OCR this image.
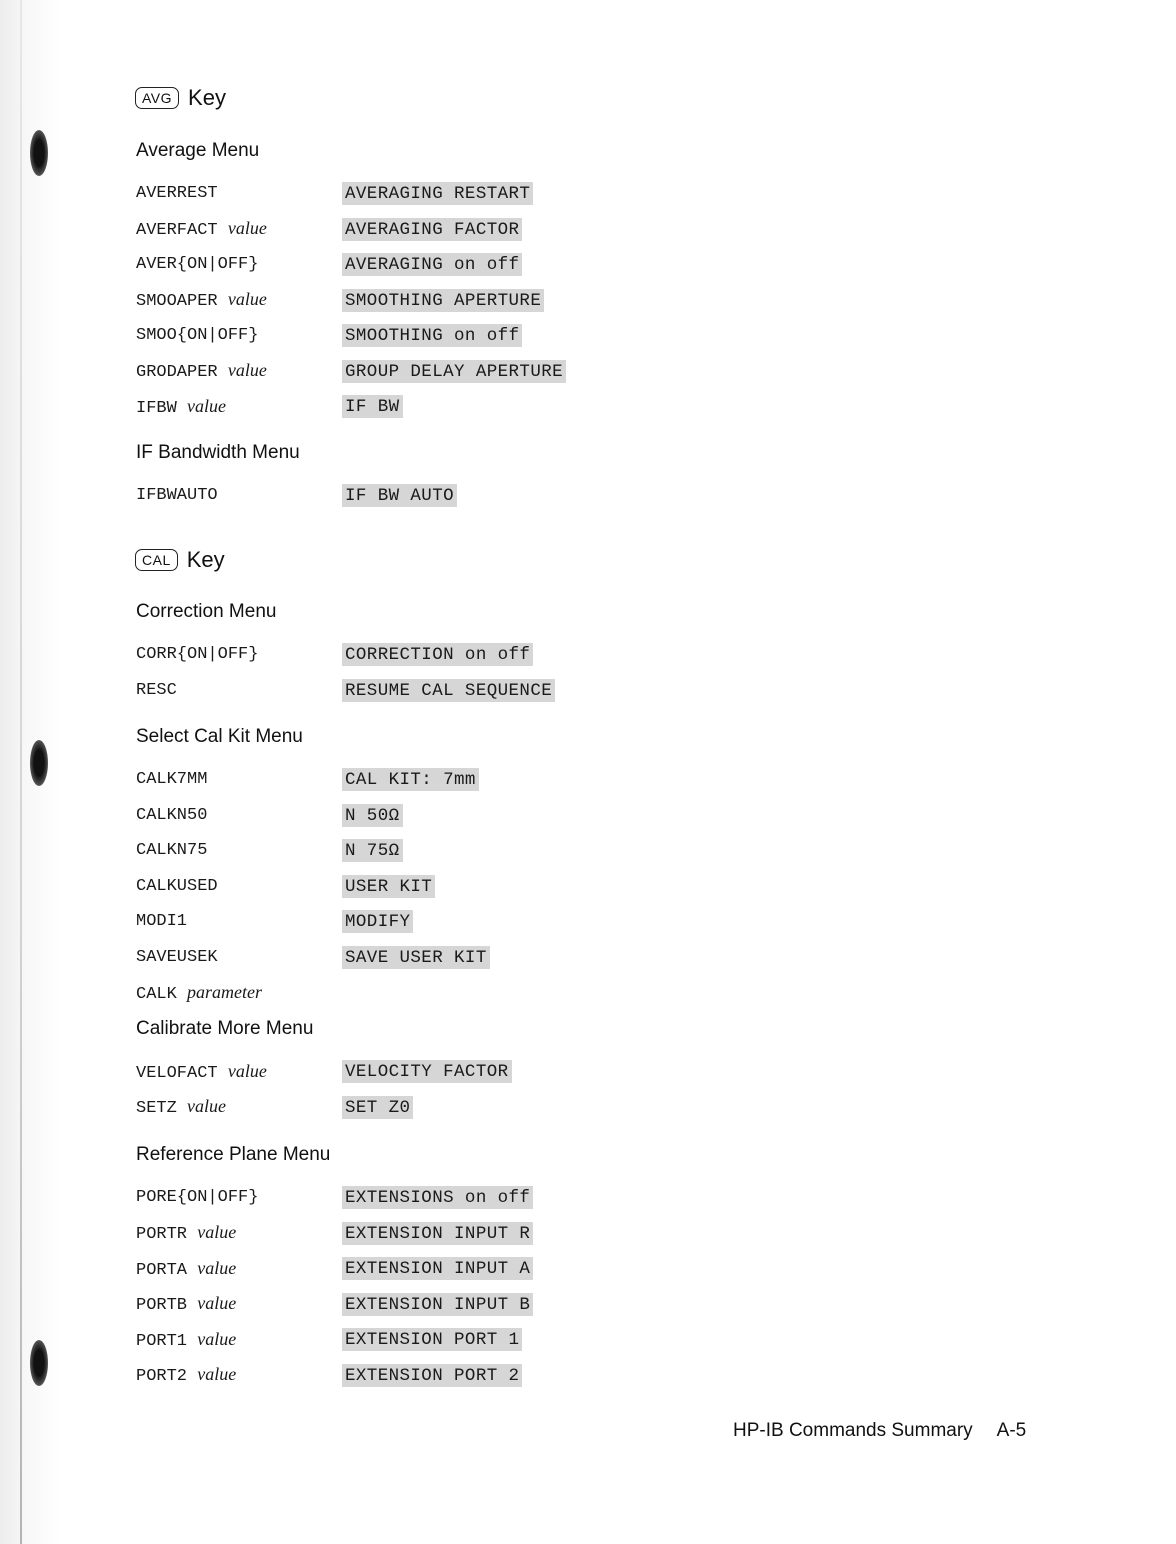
AVG Key
Average Menu
AVERREST	AVERAGING RESTART
AVERFACT value	AVERAGING FACTOR
AVER{ON|OFF}	AVERAGING on off
SMOOAPER value	SMOOTHING APERTURE
SMOO{ON|OFF}	SMOOTHING on off
GRODAPER value	GROUP DELAY APERTURE
IFBW value	IF BW
IF Bandwidth Menu
IFBWAUTO	IF BW AUTO
CAL Key
Correction Menu
CORR{ON|OFF}	CORRECTION on off
RESC	RESUME CAL SEQUENCE
Select Cal Kit Menu
CALK7MM	CAL KIT: 7mm
CALKN50	N 50Ω
CALKN75	N 75Ω
CALKUSED	USER KIT
MODI1	MODIFY
SAVEUSEK	SAVE USER KIT
CALK parameter
Calibrate More Menu
VELOFACT value	VELOCITY FACTOR
SETZ value	SET Z0
Reference Plane Menu
PORE{ON|OFF}	EXTENSIONS on off
PORTR value	EXTENSION INPUT R
PORTA value	EXTENSION INPUT A
PORTB value	EXTENSION INPUT B
PORT1 value	EXTENSION PORT 1
PORT2 value	EXTENSION PORT 2
HP-IB Commands Summary A-5
